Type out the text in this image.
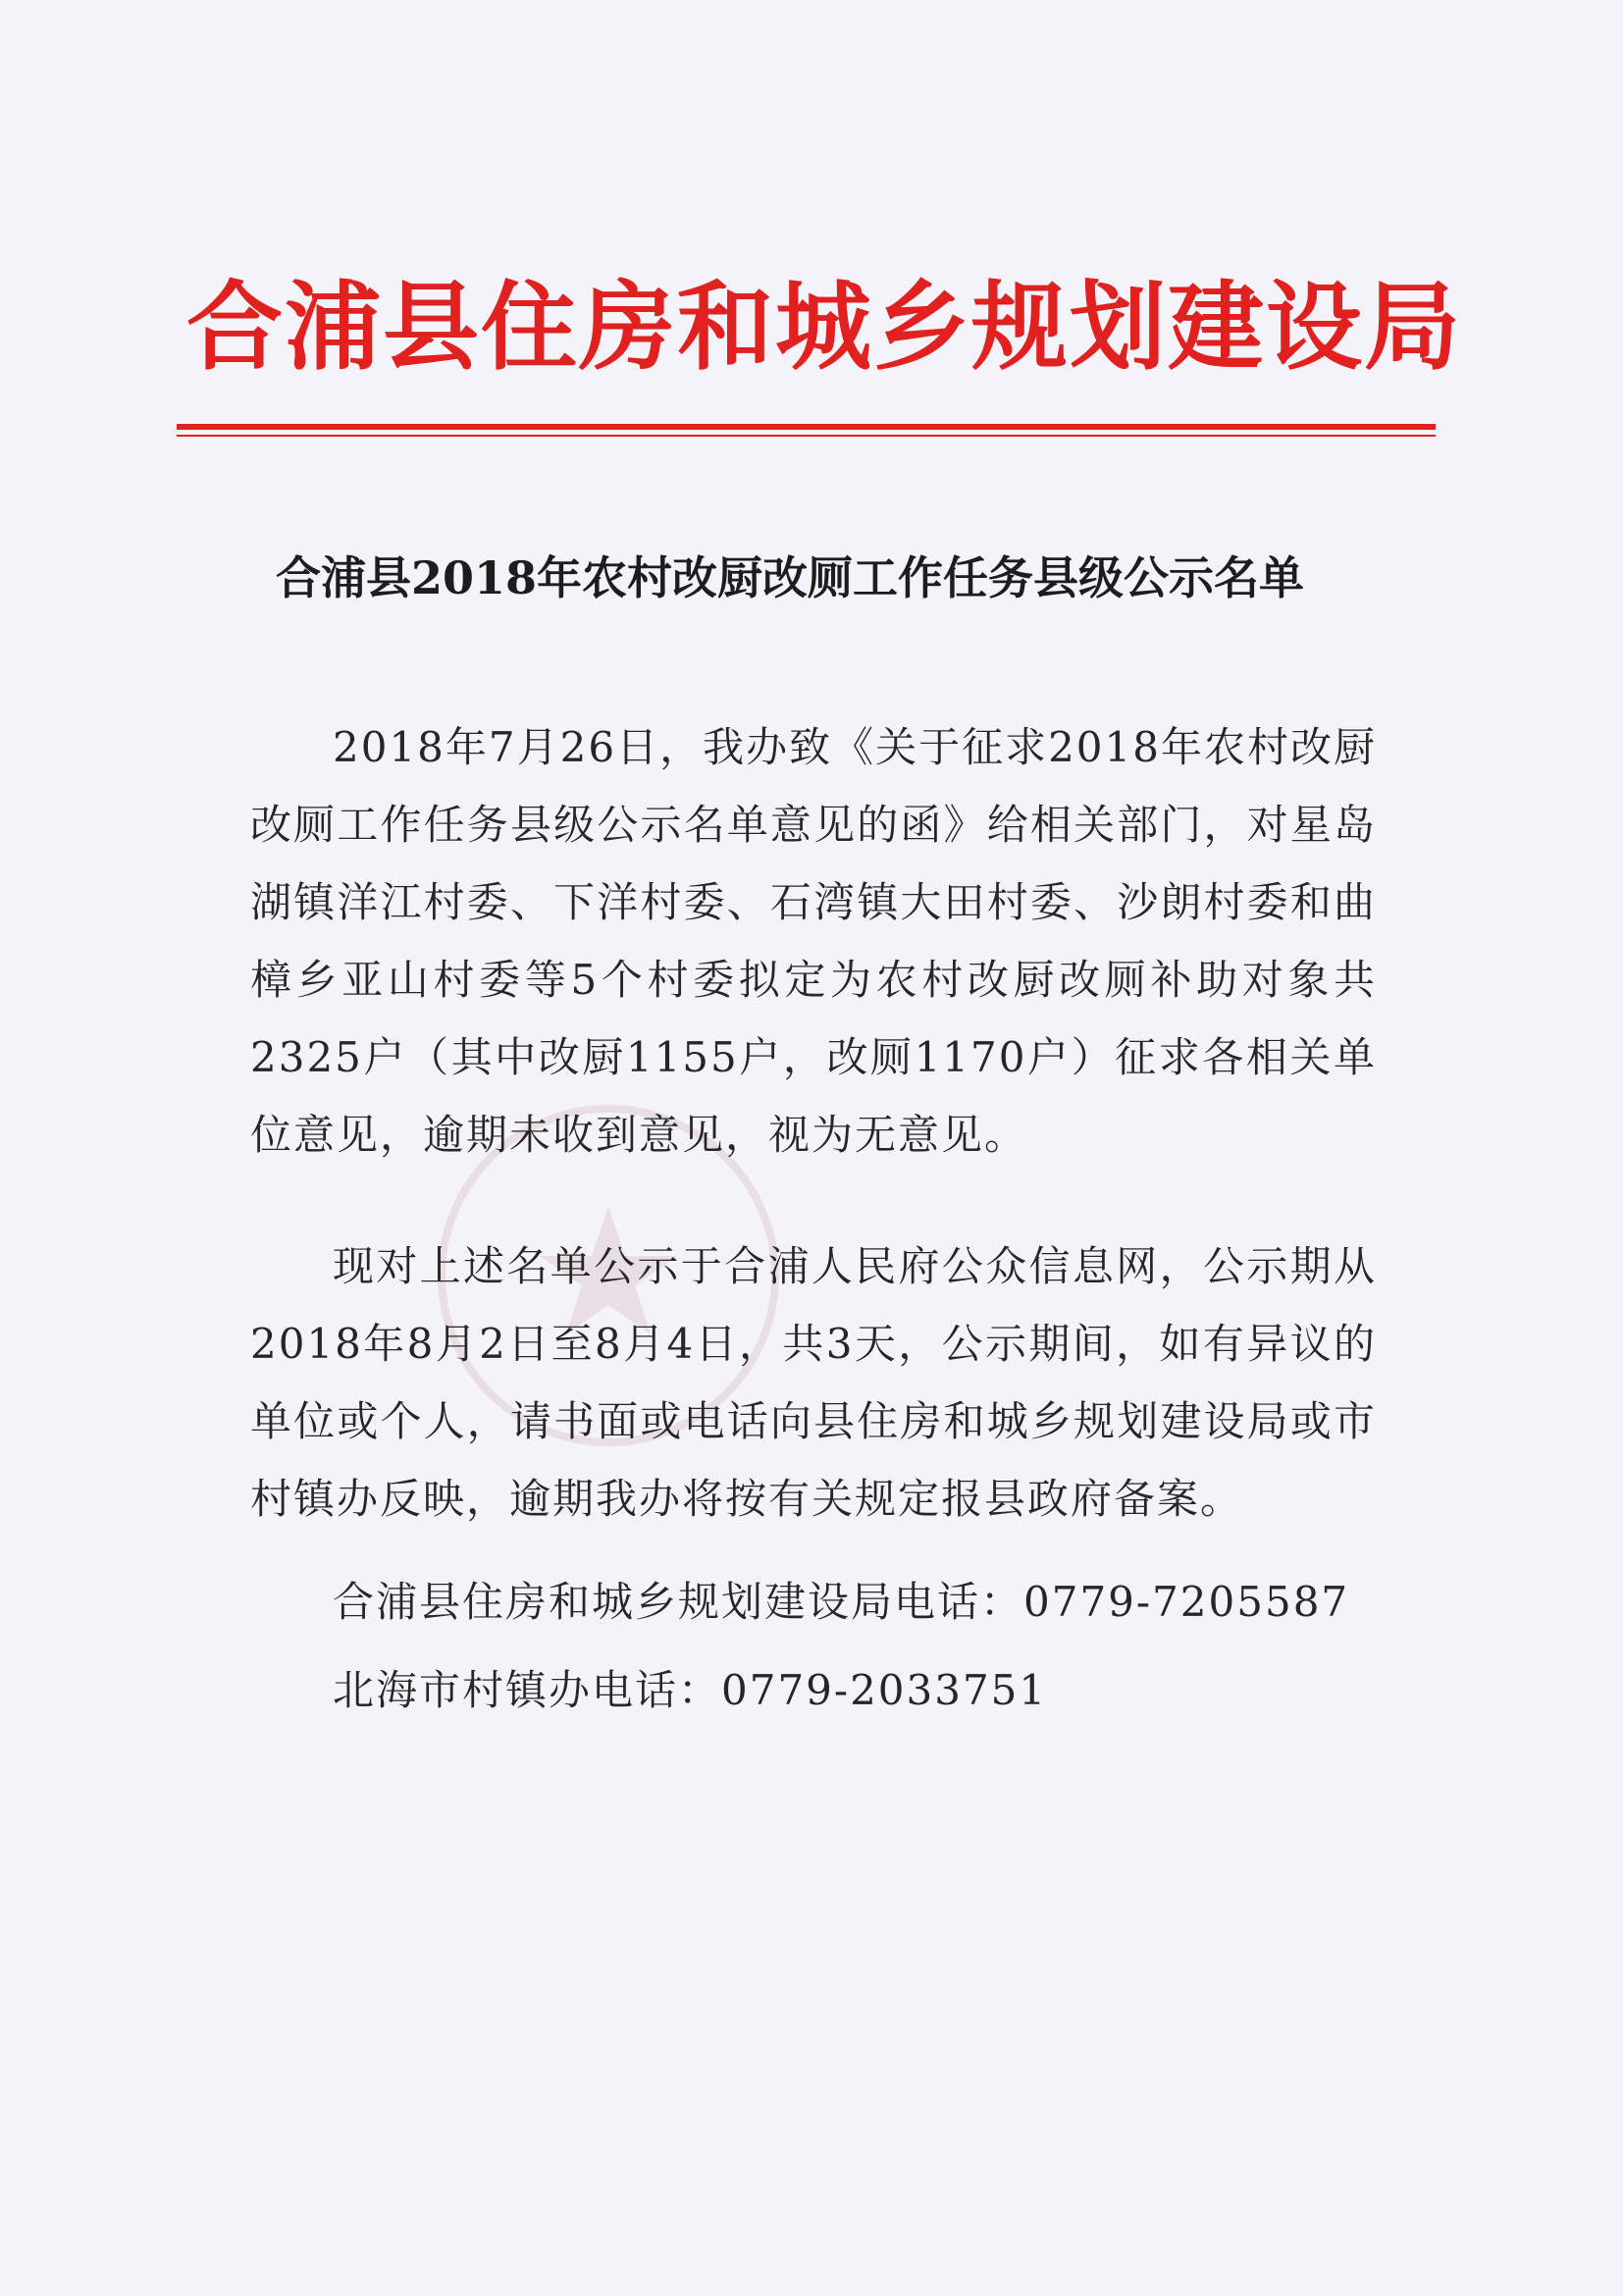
合浦县住房和城乡规划建设局
合浦县2018年农村改厨改厕工作任务县级公示名单

2018年7月26日，我办致《关于征求2018年农村改厨改厕工作任务县级公示名单意见的函》给相关部门，对星岛湖镇洋江村委、下洋村委、石湾镇大田村委、沙朗村委和曲樟乡亚山村委等5个村委拟定为农村改厨改厕补助对象共2325户（其中改厨1155户，改厕1170户）征求各相关单位意见，逾期未收到意见，视为无意见。

现对上述名单公示于合浦人民府公众信息网，公示期从2018年8月2日至8月4日，共3天，公示期间，如有异议的单位或个人，请书面或电话向县住房和城乡规划建设局或市村镇办反映，逾期我办将按有关规定报县政府备案。

合浦县住房和城乡规划建设局电话：0779-7205587
北海市村镇办电话：0779-2033751
